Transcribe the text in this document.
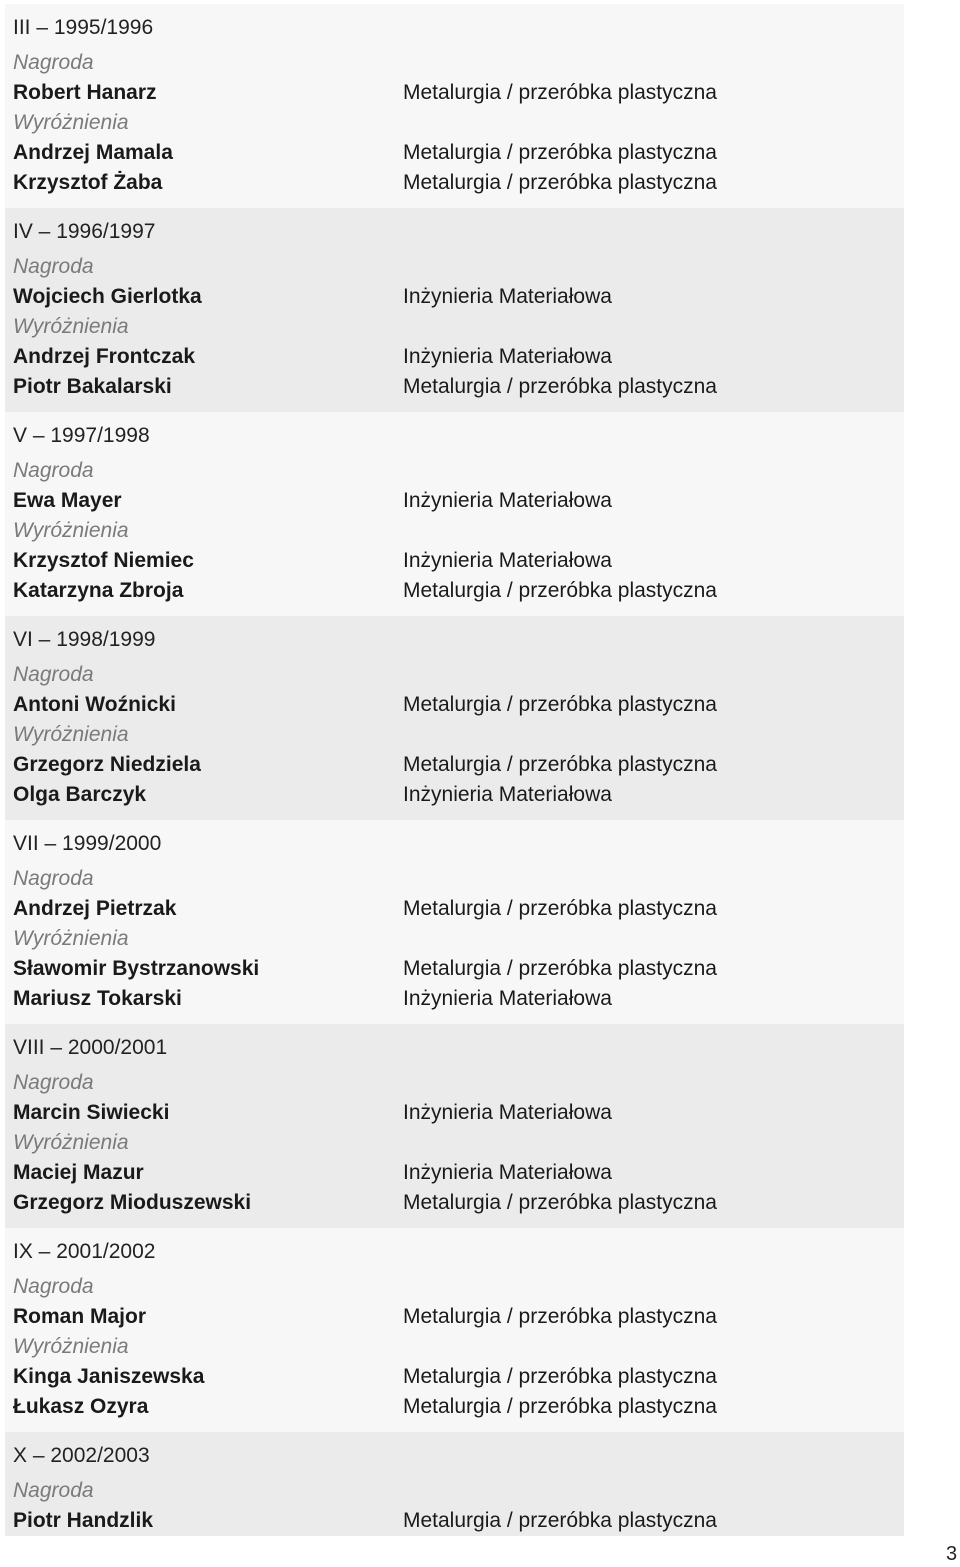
III – 1995/1996
Nagroda
Robert Hanarz	Metalurgia / przeróbka plastyczna
Wyróżnienia
Andrzej Mamala	Metalurgia / przeróbka plastyczna
Krzysztof Żaba	Metalurgia / przeróbka plastyczna
IV – 1996/1997
Nagroda
Wojciech Gierlotka	Inżynieria Materiałowa
Wyróżnienia
Andrzej Frontczak	Inżynieria Materiałowa
Piotr Bakalarski	Metalurgia / przeróbka plastyczna
V – 1997/1998
Nagroda
Ewa Mayer	Inżynieria Materiałowa
Wyróżnienia
Krzysztof Niemiec	Inżynieria Materiałowa
Katarzyna Zbroja	Metalurgia / przeróbka plastyczna
VI – 1998/1999
Nagroda
Antoni Woźnicki	Metalurgia / przeróbka plastyczna
Wyróżnienia
Grzegorz Niedziela	Metalurgia / przeróbka plastyczna
Olga Barczyk	Inżynieria Materiałowa
VII – 1999/2000
Nagroda
Andrzej Pietrzak	Metalurgia / przeróbka plastyczna
Wyróżnienia
Sławomir Bystrzanowski	Metalurgia / przeróbka plastyczna
Mariusz Tokarski	Inżynieria Materiałowa
VIII – 2000/2001
Nagroda
Marcin Siwiecki	Inżynieria Materiałowa
Wyróżnienia
Maciej Mazur	Inżynieria Materiałowa
Grzegorz Mioduszewski	Metalurgia / przeróbka plastyczna
IX – 2001/2002
Nagroda
Roman Major	Metalurgia / przeróbka plastyczna
Wyróżnienia
Kinga Janiszewska	Metalurgia / przeróbka plastyczna
Łukasz Ozyra	Metalurgia / przeróbka plastyczna
X – 2002/2003
Nagroda
Piotr Handzlik	Metalurgia / przeróbka plastyczna
3
